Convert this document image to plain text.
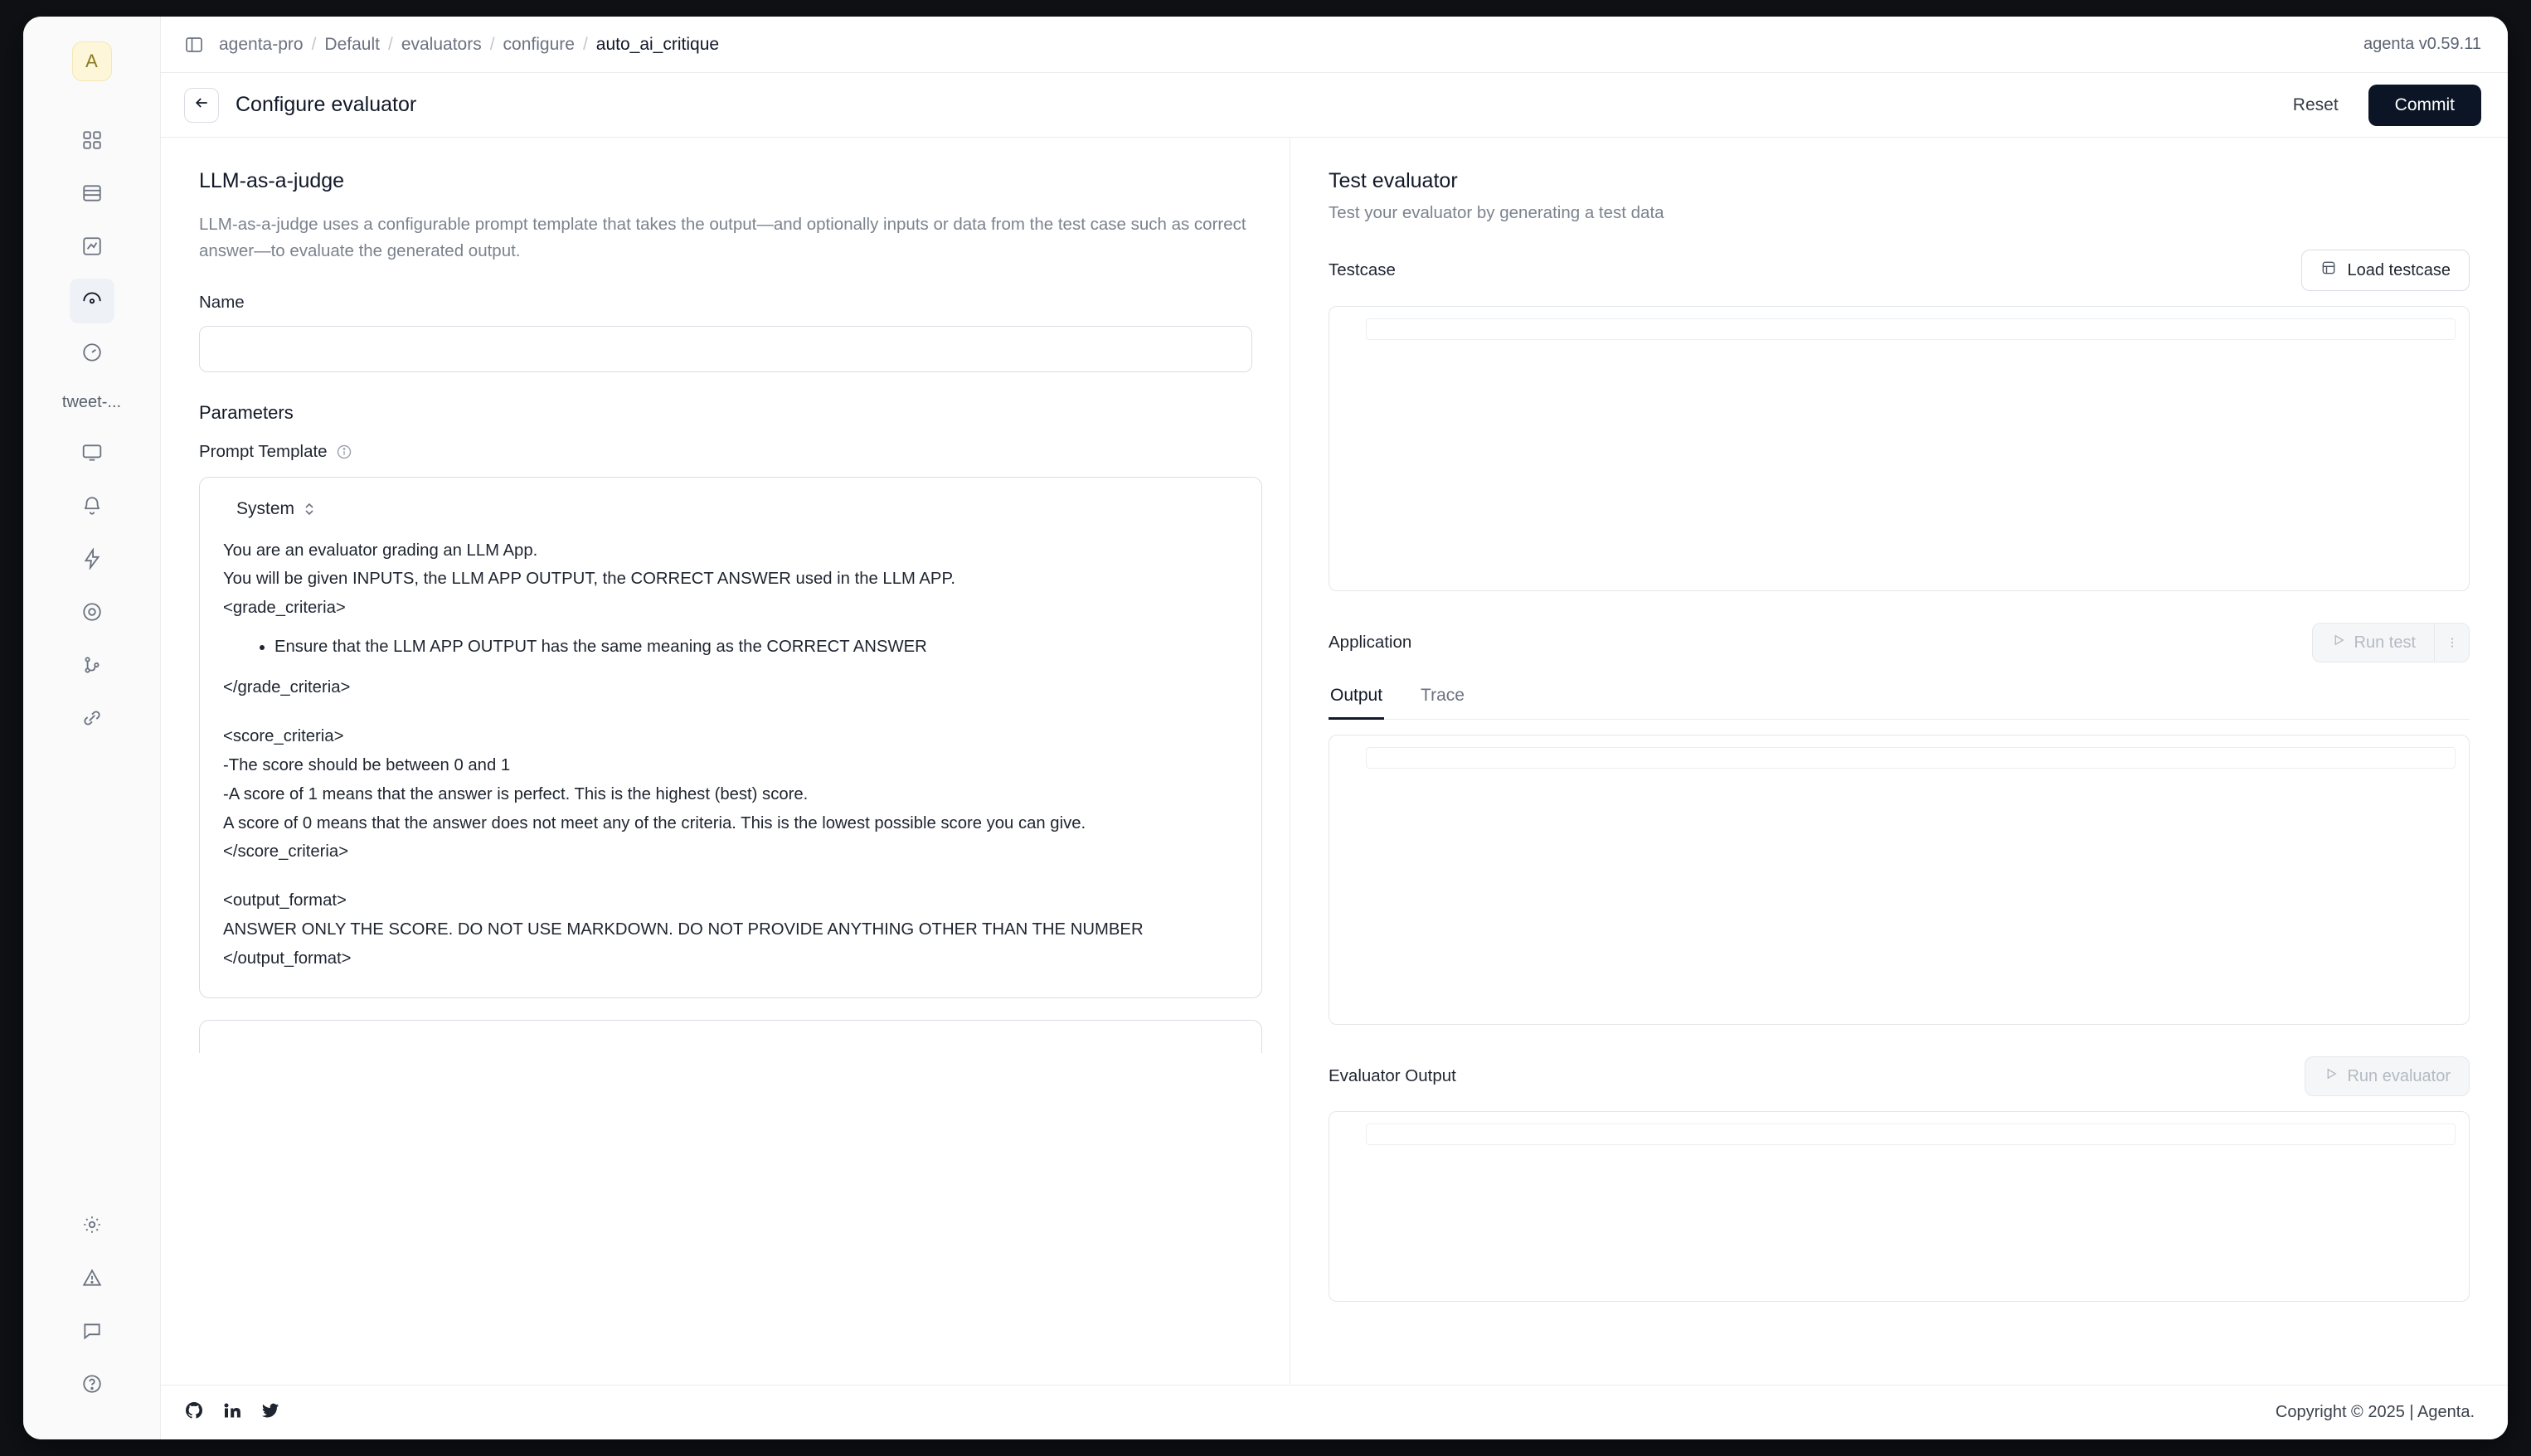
A
tweet-...
agenta-pro / Default / evaluators / configure / auto_ai_critique	agenta v0.59.11
Configure evaluator	Reset	Commit
LLM-as-a-judge
LLM-as-a-judge uses a configurable prompt template that takes the output—and optionally inputs or data from the test case such as correct answer—to evaluate the generated output.
Name
Parameters
Prompt Template
System

You are an evaluator grading an LLM App.

You will be given INPUTS, the LLM APP OUTPUT, the CORRECT ANSWER used in the LLM APP.

<grade_criteria>

• Ensure that the LLM APP OUTPUT has the same meaning as the CORRECT ANSWER

</grade_criteria>

<score_criteria>

-The score should be between 0 and 1

-A score of 1 means that the answer is perfect. This is the highest (best) score.

A score of 0 means that the answer does not meet any of the criteria. This is the lowest possible score you can give.

</score_criteria>

<output_format>

ANSWER ONLY THE SCORE. DO NOT USE MARKDOWN. DO NOT PROVIDE ANYTHING OTHER THAN THE NUMBER

</output_format>

Test evaluator
Test your evaluator by generating a test data
Testcase	Load testcase
Application	Run test
Output Trace
Evaluator Output	Run evaluator
Copyright © 2025 | Agenta.
